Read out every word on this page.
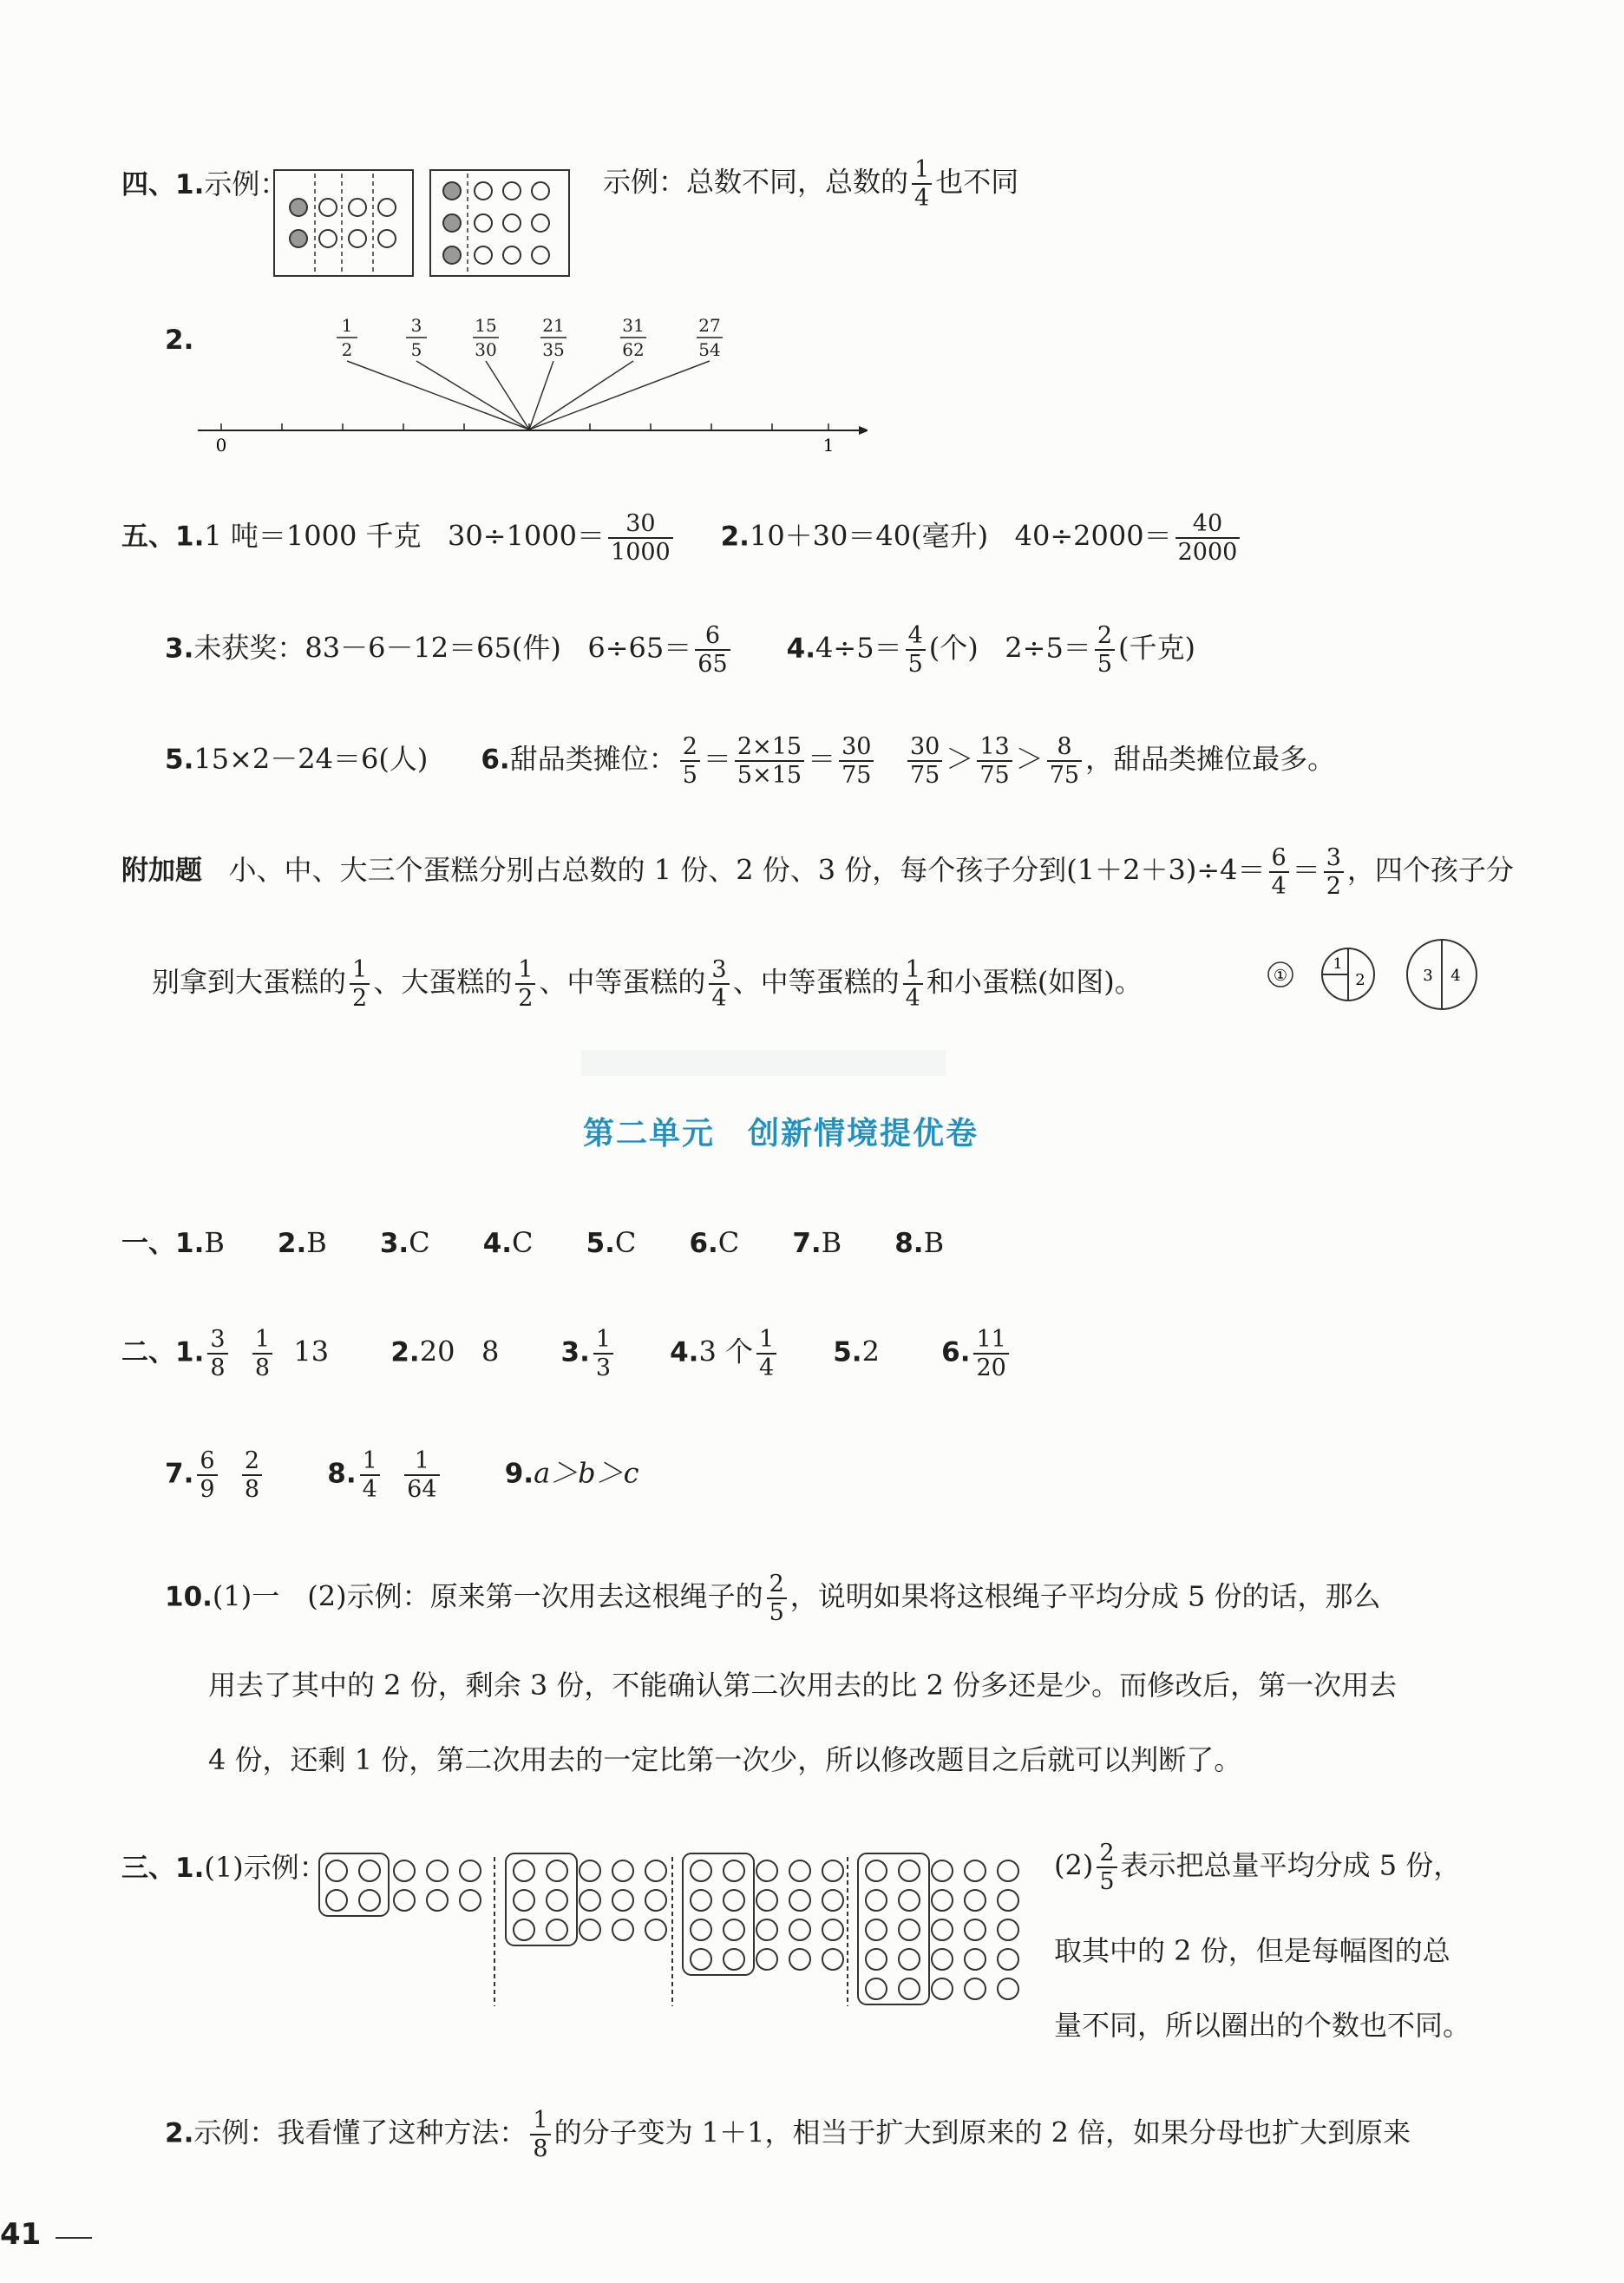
四、1.示例：	示例：总数不同，总数的 $\frac{1}{4}$ 也不同
2.	1
2
3
5
15
30
21
35
31
62
27
54
0	1
五、1.1 吨＝1000 千克 $30\div 1000= \frac{30}{1000} 2.10+30=40$(毫升) $40\div 2000= \frac{40}{2000}$
3.未获奖：83－6－12＝65(件) $6\div 65= \frac{6}{65} 4.4\div 5= \frac{4}{5}$ (个) $2\div 5= \frac{2}{5}$ (千克)
5.15×2－24＝6(人) 6.甜品类摊位： $\frac{2}{5} = \frac{2\times 15}{5\times 15} = \frac{30}{75}$
$\frac{30}{75} > \frac{13}{75} > \frac{8}{75}$ ，甜品类摊位最多。
附加题 小、中、大三个蛋糕分别占总数的 1 份、2 份、3 份，每个孩子分到$(1+2+3)\div 4= \frac{6}{4} = \frac{3}{2}$ ，四个孩子分
别拿到大蛋糕的 $\frac{1}{2}$ 、大蛋糕的 $\frac{1}{2}$ 、中等蛋糕的 $\frac{3}{4}$ 、中等蛋糕的 $\frac{1}{4}$ 和小蛋糕(如图)。	①
1
2	3 4
第二单元　创新情境提优卷
一、1.B 2.B 3.C 4.C 5.C 6.C 7.B 8.B
二、1. $\frac{3}{8}$
$\frac{1}{8} 13$ 2.20 8 3. $\frac{1}{3} 4.3$ 个 $\frac{1}{4} 5.2$ 6. $\frac{11}{20}$
7. $\frac{6}{9}$
$\frac{2}{8} 8$. $\frac{1}{4}$
$\frac{1}{64} 9.a>b>c$
10.(1)一　(2)示例：原来第一次用去这根绳子的 $\frac{2}{5}$ ，说明如果将这根绳子平均分成 5 份的话，那么
用去了其中的 2 份，剩余 3 份，不能确认第二次用去的比 2 份多还是少。而修改后，第一次用去
4 份，还剩 1 份，第二次用去的一定比第一次少，所以修改题目之后就可以判断了。
三、1.(1)示例：	$(2) \frac{2}{5}$ 表示把总量平均分成 5 份，
取其中的 2 份，但是每幅图的总
量不同，所以圈出的个数也不同。
2.示例：我看懂了这种方法： $\frac{1}{8}$ 的分子变为 1＋1，相当于扩大到原来的 2 倍，如果分母也扩大到原来
41
